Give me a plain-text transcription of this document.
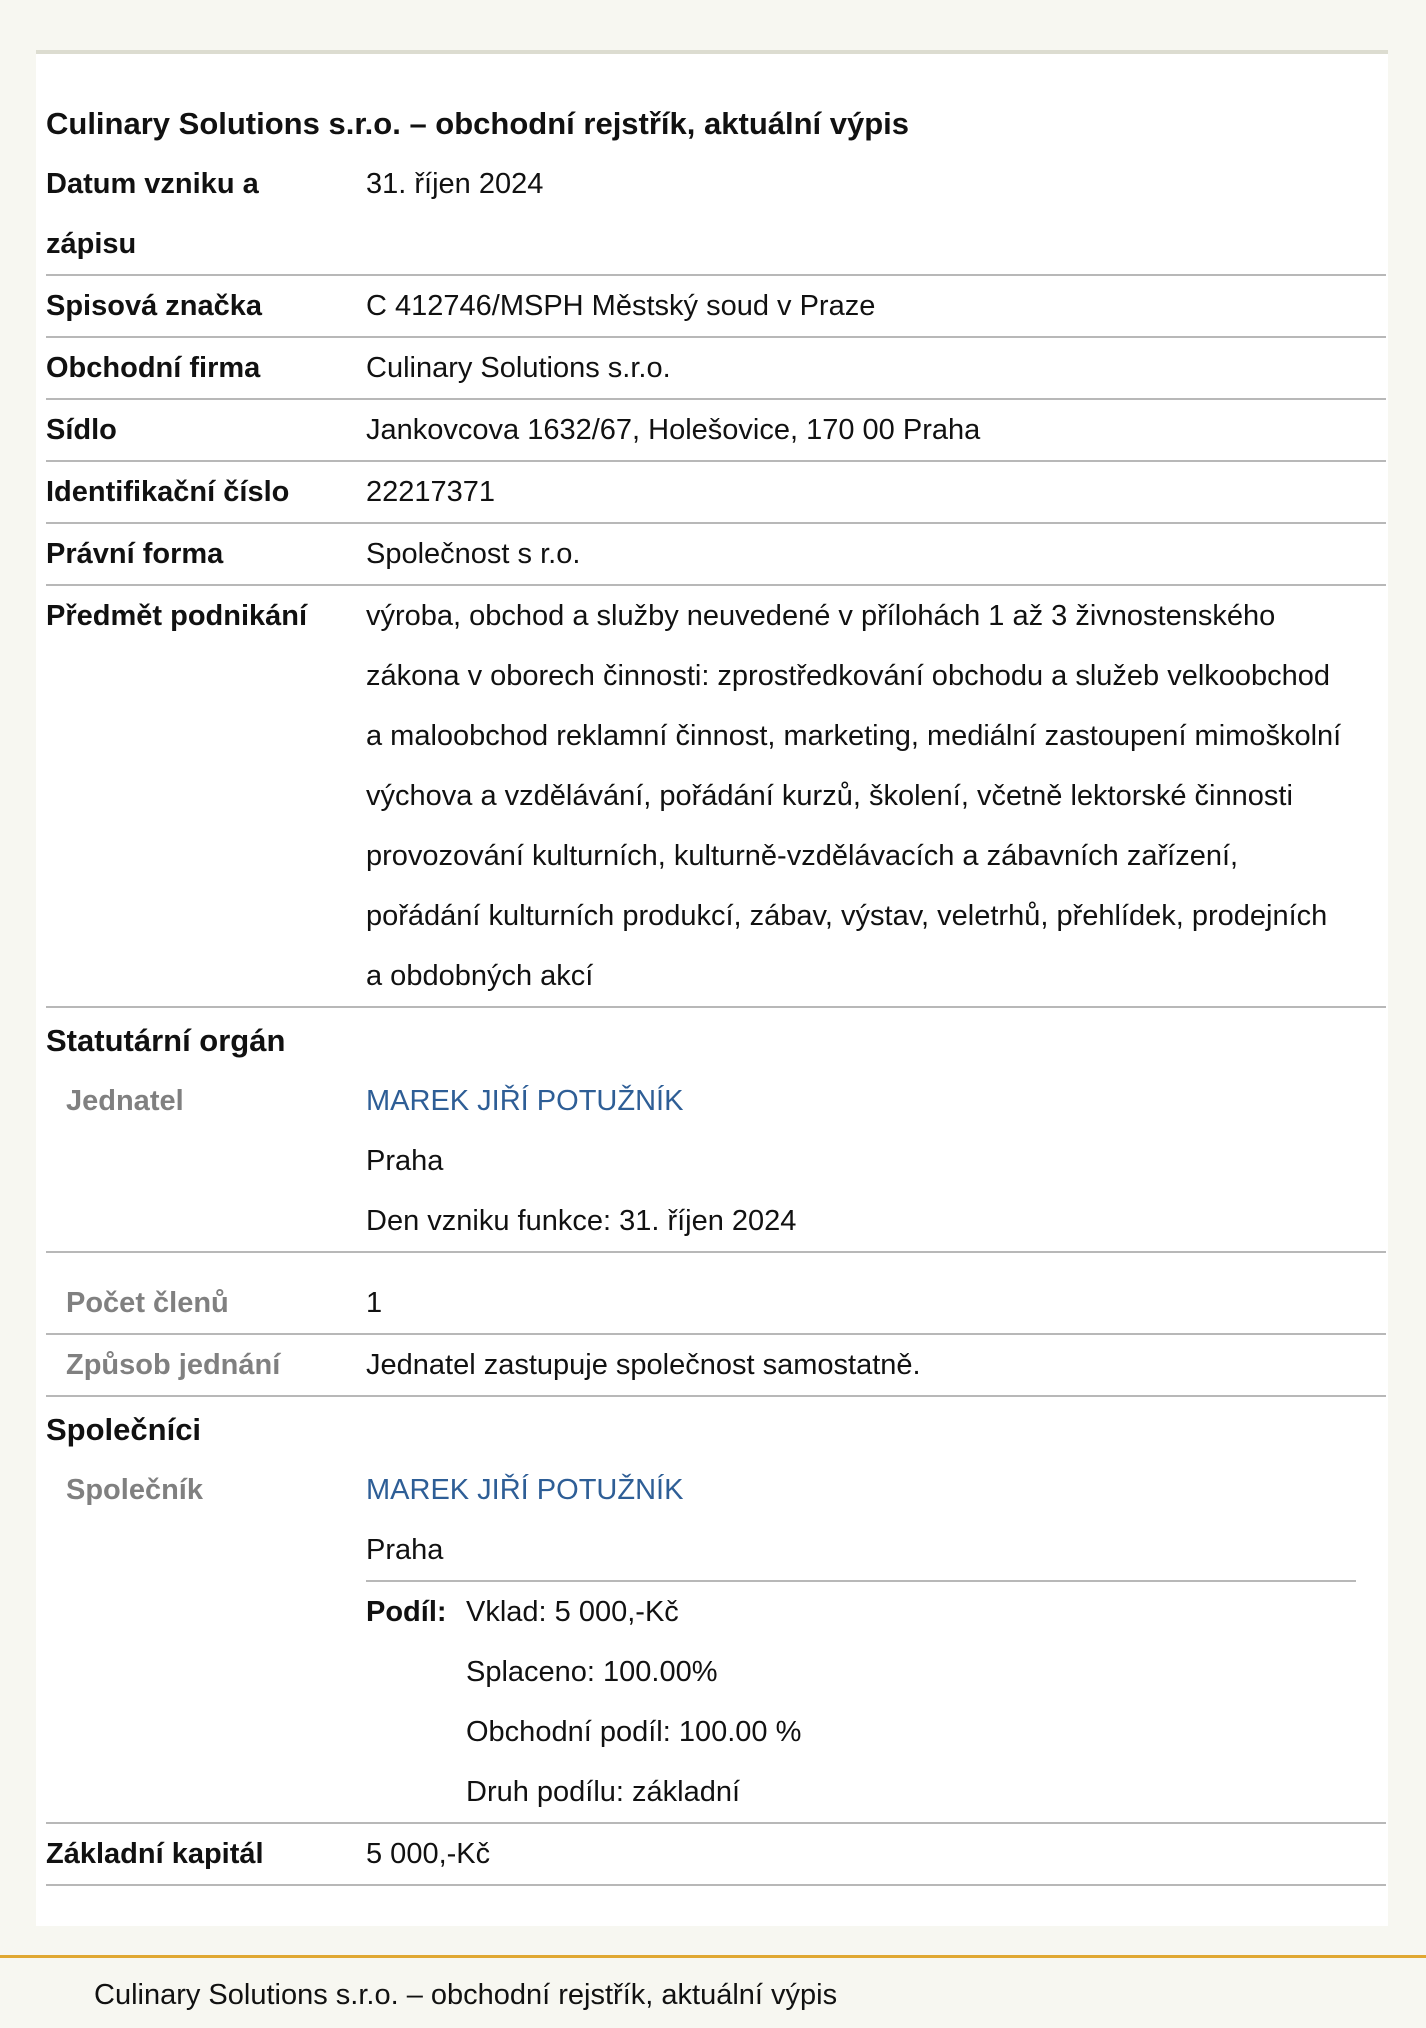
Culinary Solutions s.r.o. – obchodní rejstřík, aktuální výpis
Datum vzniku a
zápisu
31. říjen 2024
Spisová značka	C 412746/MSPH Městský soud v Praze
Obchodní firma	Culinary Solutions s.r.o.
Sídlo	Jankovcova 1632/67, Holešovice, 170 00 Praha
Identifikační číslo	22217371
Právní forma	Společnost s r.o.
Předmět podnikání	výroba, obchod a služby neuvedené v přílohách 1 až 3 živnostenského
zákona v oborech činnosti: zprostředkování obchodu a služeb velkoobchod
a maloobchod reklamní činnost, marketing, mediální zastoupení mimoškolní
výchova a vzdělávání, pořádání kurzů, školení, včetně lektorské činnosti
provozování kulturních, kulturně-vzdělávacích a zábavních zařízení,
pořádání kulturních produkcí, zábav, výstav, veletrhů, přehlídek, prodejních
a obdobných akcí
Statutární orgán
Jednatel	MAREK JIŘÍ POTUŽNÍK
Praha
Den vzniku funkce: 31. říjen 2024
Počet členů	1
Způsob jednání	Jednatel zastupuje společnost samostatně.
Společníci
Společník	MAREK JIŘÍ POTUŽNÍK
Praha
Podíl: Vklad: 5 000,-Kč
Splaceno: 100.00%
Obchodní podíl: 100.00 %
Druh podílu: základní
Základní kapitál	5 000,-Kč
Culinary Solutions s.r.o. – obchodní rejstřík, aktuální výpis
